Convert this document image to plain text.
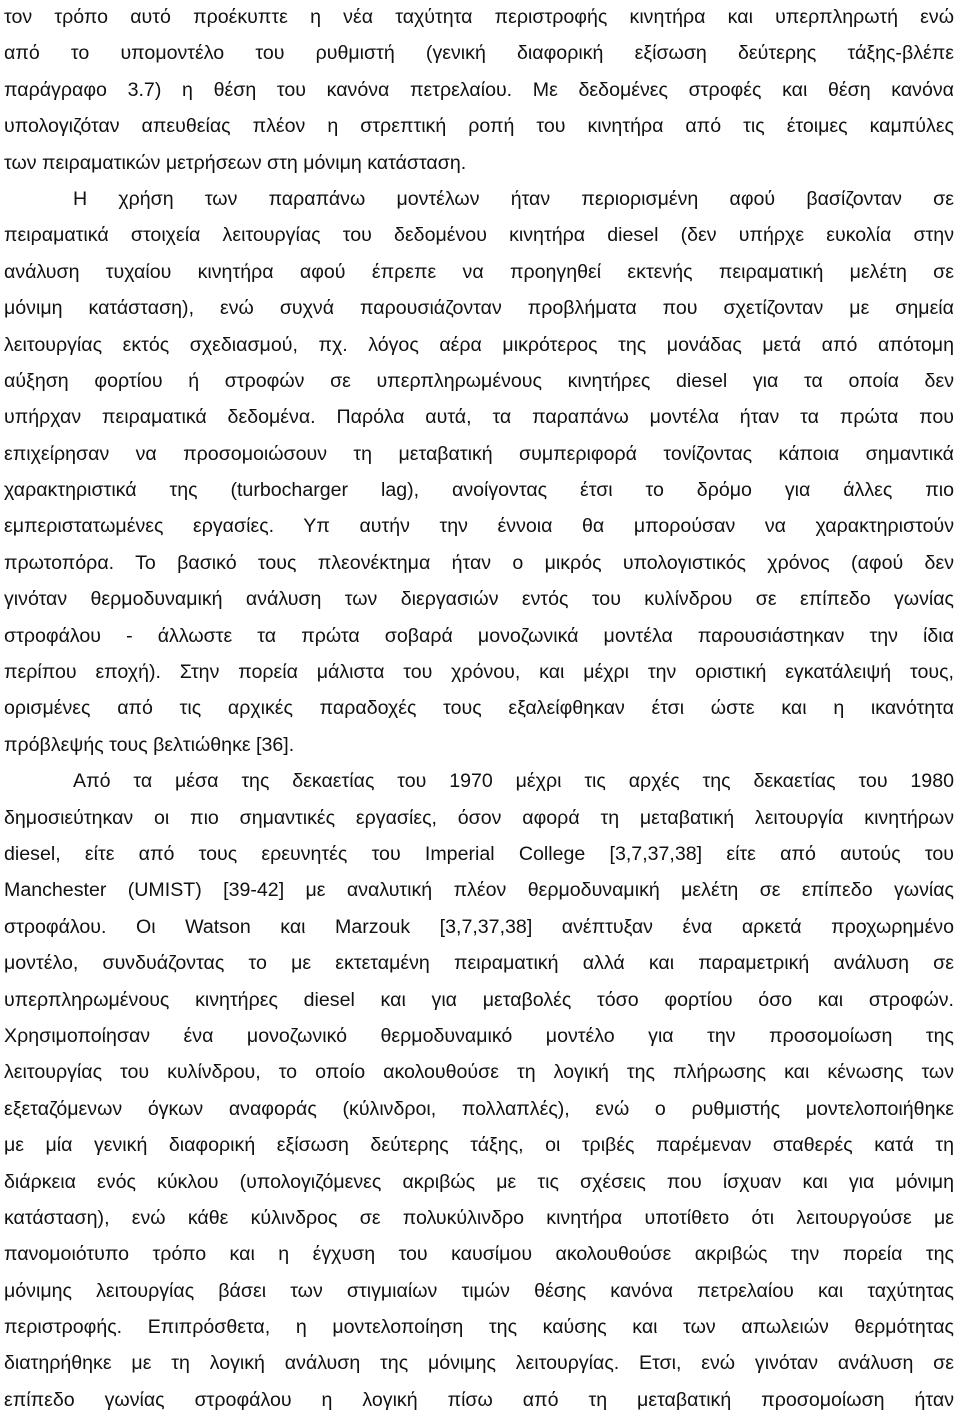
τον τρόπο αυτό προέκυπτε η νέα ταχύτητα περιστροφής κινητήρα και υπερπληρωτή ενώ
από το υπομοντέλο του ρυθμιστή (γενική διαφορική εξίσωση δεύτερης τάξης-βλέπε
παράγραφο 3.7) η θέση του κανόνα πετρελαίου. Με δεδομένες στροφές και θέση κανόνα
υπολογιζόταν απευθείας πλέον η στρεπτική ροπή του κινητήρα από τις έτοιμες καμπύλες
των πειραματικών μετρήσεων στη μόνιμη κατάσταση.
Η χρήση των παραπάνω μοντέλων ήταν περιορισμένη αφού βασίζονταν σε
πειραματικά στοιχεία λειτουργίας του δεδομένου κινητήρα diesel (δεν υπήρχε ευκολία στην
ανάλυση τυχαίου κινητήρα αφού έπρεπε να προηγηθεί εκτενής πειραματική μελέτη σε
μόνιμη κατάσταση), ενώ συχνά παρουσιάζονταν προβλήματα που σχετίζονταν με σημεία
λειτουργίας εκτός σχεδιασμού, πχ. λόγος αέρα μικρότερος της μονάδας μετά από απότομη
αύξηση φορτίου ή στροφών σε υπερπληρωμένους κινητήρες diesel για τα οποία δεν
υπήρχαν πειραματικά δεδομένα. Παρόλα αυτά, τα παραπάνω μοντέλα ήταν τα πρώτα που
επιχείρησαν να προσομοιώσουν τη μεταβατική συμπεριφορά τονίζοντας κάποια σημαντικά
χαρακτηριστικά της (turbocharger lag), ανοίγοντας έτσι το δρόμο για άλλες πιο
εμπεριστατωμένες εργασίες. Υπ αυτήν την έννοια θα μπορούσαν να χαρακτηριστούν
πρωτοπόρα. Το βασικό τους πλεονέκτημα ήταν ο μικρός υπολογιστικός χρόνος (αφού δεν
γινόταν θερμοδυναμική ανάλυση των διεργασιών εντός του κυλίνδρου σε επίπεδο γωνίας
στροφάλου - άλλωστε τα πρώτα σοβαρά μονοζωνικά μοντέλα παρουσιάστηκαν την ίδια
περίπου εποχή). Στην πορεία μάλιστα του χρόνου, και μέχρι την οριστική εγκατάλειψή τους,
ορισμένες από τις αρχικές παραδοχές τους εξαλείφθηκαν έτσι ώστε και η ικανότητα
πρόβλεψής τους βελτιώθηκε [36].
Από τα μέσα της δεκαετίας του 1970 μέχρι τις αρχές της δεκαετίας του 1980
δημοσιεύτηκαν οι πιο σημαντικές εργασίες, όσον αφορά τη μεταβατική λειτουργία κινητήρων
diesel, είτε από τους ερευνητές του Imperial College [3,7,37,38] είτε από αυτούς του
Manchester (UMIST) [39-42] με αναλυτική πλέον θερμοδυναμική μελέτη σε επίπεδο γωνίας
στροφάλου. Οι Watson και Marzouk [3,7,37,38] ανέπτυξαν ένα αρκετά προχωρημένο
μοντέλο, συνδυάζοντας το με εκτεταμένη πειραματική αλλά και παραμετρική ανάλυση σε
υπερπληρωμένους κινητήρες diesel και για μεταβολές τόσο φορτίου όσο και στροφών.
Χρησιμοποίησαν ένα μονοζωνικό θερμοδυναμικό μοντέλο για την προσομοίωση της
λειτουργίας του κυλίνδρου, το οποίο ακολουθούσε τη λογική της πλήρωσης και κένωσης των
εξεταζόμενων όγκων αναφοράς (κύλινδροι, πολλαπλές), ενώ ο ρυθμιστής μοντελοποιήθηκε
με μία γενική διαφορική εξίσωση δεύτερης τάξης, οι τριβές παρέμεναν σταθερές κατά τη
διάρκεια ενός κύκλου (υπολογιζόμενες ακριβώς με τις σχέσεις που ίσχυαν και για μόνιμη
κατάσταση), ενώ κάθε κύλινδρος σε πολυκύλινδρο κινητήρα υποτίθετο ότι λειτουργούσε με
πανομοιότυπο τρόπο και η έγχυση του καυσίμου ακολουθούσε ακριβώς την πορεία της
μόνιμης λειτουργίας βάσει των στιγμιαίων τιμών θέσης κανόνα πετρελαίου και ταχύτητας
περιστροφής. Επιπρόσθετα, η μοντελοποίηση της καύσης και των απωλειών θερμότητας
διατηρήθηκε με τη λογική ανάλυση της μόνιμης λειτουργίας. Ετσι, ενώ γινόταν ανάλυση σε
επίπεδο γωνίας στροφάλου η λογική πίσω από τη μεταβατική προσομοίωση ήταν
